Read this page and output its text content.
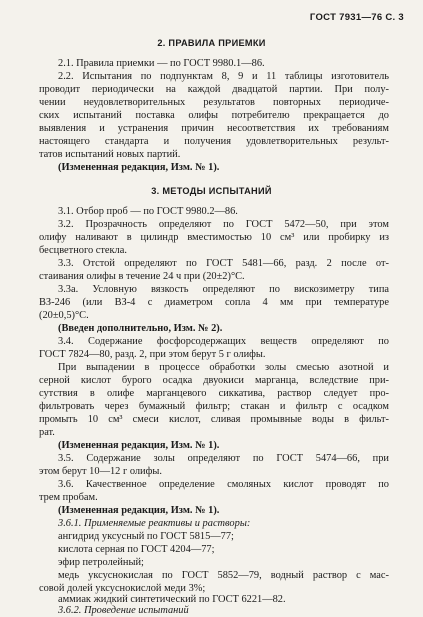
ГОСТ 7931—76 С. 3
2. ПРАВИЛА ПРИЕМКИ
2.1. Правила приемки — по ГОСТ 9980.1—86.
2.2. Испытания по подпунктам 8, 9 и 11 таблицы изготовитель
проводит периодически на каждой двадцатой партии. При полу-
чении неудовлетворительных результатов повторных периодиче-
ских испытаний поставка олифы потребителю прекращается до
выявления и устранения причин несоответствия их требованиям
настоящего стандарта и получения удовлетворительных результ-
татов испытаний новых партий.
(Измененная редакция, Изм. № 1).
3. МЕТОДЫ ИСПЫТАНИЙ
3.1. Отбор проб — по ГОСТ 9980.2—86.
3.2. Прозрачность определяют по ГОСТ 5472—50, при этом
олифу наливают в цилиндр вместимостью 10 см³ или пробирку из
бесцветного стекла.
3.3. Отстой определяют по ГОСТ 5481—66, разд. 2 после от-
стаивания олифы в течение 24 ч при (20±2)°С.
3.3а. Условную вязкость определяют по вискозиметру типа
ВЗ-246 (или ВЗ-4 с диаметром сопла 4 мм при температуре
(20±0,5)°С.
(Введен дополнительно, Изм. № 2).
3.4. Содержание фосфорсодержащих веществ определяют по
ГОСТ 7824—80, разд. 2, при этом берут 5 г олифы.
При выпадении в процессе обработки золы смесью азотной и
серной кислот бурого осадка двуокиси марганца, вследствие при-
сутствия в олифе марганцевого сиккатива, раствор следует про-
фильтровать через бумажный фильтр; стакан и фильтр с осадком
промыть 10 см³ смеси кислот, сливая промывные воды в фильт-
рат.
(Измененная редакция, Изм. № 1).
3.5. Содержание золы определяют по ГОСТ 5474—66, при
этом берут 10—12 г олифы.
3.6. Качественное определение смоляных кислот проводят по
трем пробам.
(Измененная редакция, Изм. № 1).
3.6.1. Применяемые реактивы и растворы:
ангидрид уксусный по ГОСТ 5815—77;
кислота серная по ГОСТ 4204—77;
эфир петролейный;
медь уксуснокислая по ГОСТ 5852—79, водный раствор с мас-
совой долей уксуснокислой меди 3%;
аммиак жидкий синтетический по ГОСТ 6221—82.
3.6.2. Проведение испытаний
